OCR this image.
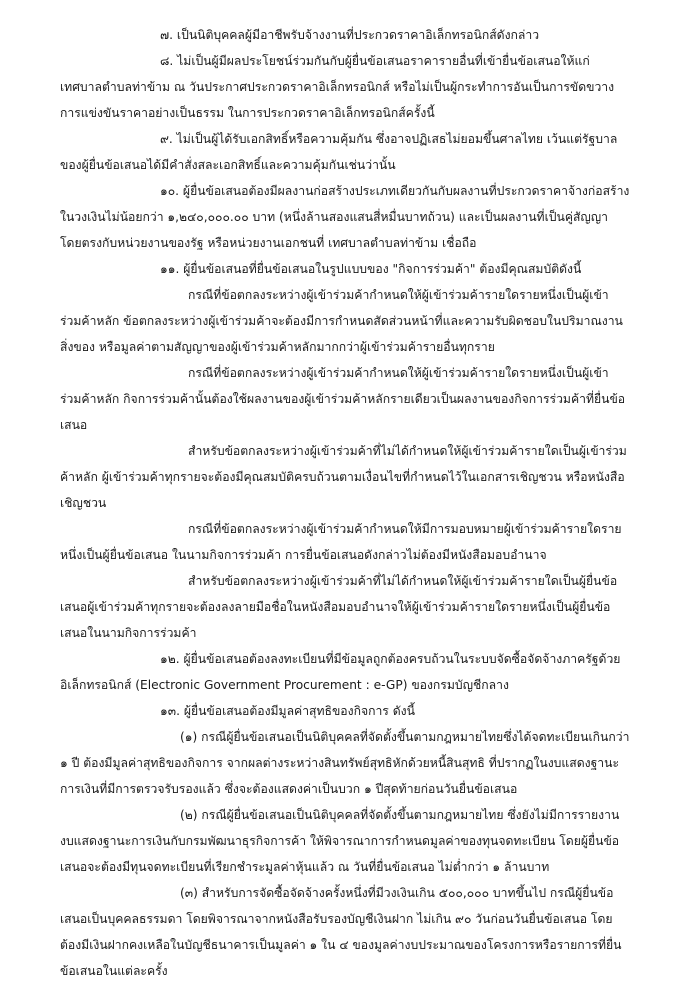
๗. เป็นนิติบุคคลผู้มีอาชีพรับจ้างงานที่ประกวดราคาอิเล็กทรอนิกส์ดังกล่าว

๘. ไม่เป็นผู้มีผลประโยชน์ร่วมกันกับผู้ยื่นข้อเสนอราคารายอื่นที่เข้ายื่นข้อเสนอให้แก่เทศบาลตำบลท่าข้าม ณ วันประกาศประกวดราคาอิเล็กทรอนิกส์ หรือไม่เป็นผู้กระทำการอันเป็นการขัดขวางการแข่งขันราคาอย่างเป็นธรรม ในการประกวดราคาอิเล็กทรอนิกส์ครั้งนี้

๙. ไม่เป็นผู้ได้รับเอกสิทธิ์หรือความคุ้มกัน ซึ่งอาจปฏิเสธไม่ยอมขึ้นศาลไทย เว้นแต่รัฐบาลของผู้ยื่นข้อเสนอได้มีคำสั่งสละเอกสิทธิ์และความคุ้มกันเช่นว่านั้น

๑๐. ผู้ยื่นข้อเสนอต้องมีผลงานก่อสร้างประเภทเดียวกันกับผลงานที่ประกวดราคาจ้างก่อสร้างในวงเงินไม่น้อยกว่า ๑,๒๔๐,๐๐๐.๐๐ บาท (หนึ่งล้านสองแสนสี่หมื่นบาทถ้วน) และเป็นผลงานที่เป็นคู่สัญญาโดยตรงกับหน่วยงานของรัฐ หรือหน่วยงานเอกชนที่ เทศบาลตำบลท่าข้าม เชื่อถือ

๑๑. ผู้ยื่นข้อเสนอที่ยื่นข้อเสนอในรูปแบบของ "กิจการร่วมค้า" ต้องมีคุณสมบัติดังนี้

กรณีที่ข้อตกลงระหว่างผู้เข้าร่วมค้ากำหนดให้ผู้เข้าร่วมค้ารายใดรายหนึ่งเป็นผู้เข้าร่วมค้าหลัก ข้อตกลงระหว่างผู้เข้าร่วมค้าจะต้องมีการกำหนดสัดส่วนหน้าที่และความรับผิดชอบในปริมาณงาน สิ่งของ หรือมูลค่าตามสัญญาของผู้เข้าร่วมค้าหลักมากกว่าผู้เข้าร่วมค้ารายอื่นทุกราย

กรณีที่ข้อตกลงระหว่างผู้เข้าร่วมค้ากำหนดให้ผู้เข้าร่วมค้ารายใดรายหนึ่งเป็นผู้เข้าร่วมค้าหลัก กิจการร่วมค้านั้นต้องใช้ผลงานของผู้เข้าร่วมค้าหลักรายเดียวเป็นผลงานของกิจการร่วมค้าที่ยื่นข้อเสนอ

สำหรับข้อตกลงระหว่างผู้เข้าร่วมค้าที่ไม่ได้กำหนดให้ผู้เข้าร่วมค้ารายใดเป็นผู้เข้าร่วมค้าหลัก ผู้เข้าร่วมค้าทุกรายจะต้องมีคุณสมบัติครบถ้วนตามเงื่อนไขที่กำหนดไว้ในเอกสารเชิญชวน หรือหนังสือเชิญชวน

กรณีที่ข้อตกลงระหว่างผู้เข้าร่วมค้ากำหนดให้มีการมอบหมายผู้เข้าร่วมค้ารายใดรายหนึ่งเป็นผู้ยื่นข้อเสนอ ในนามกิจการร่วมค้า การยื่นข้อเสนอดังกล่าวไม่ต้องมีหนังสือมอบอำนาจ

สำหรับข้อตกลงระหว่างผู้เข้าร่วมค้าที่ไม่ได้กำหนดให้ผู้เข้าร่วมค้ารายใดเป็นผู้ยื่นข้อเสนอผู้เข้าร่วมค้าทุกรายจะต้องลงลายมือชื่อในหนังสือมอบอำนาจให้ผู้เข้าร่วมค้ารายใดรายหนึ่งเป็นผู้ยื่นข้อเสนอในนามกิจการร่วมค้า

๑๒. ผู้ยื่นข้อเสนอต้องลงทะเบียนที่มีข้อมูลถูกต้องครบถ้วนในระบบจัดซื้อจัดจ้างภาครัฐด้วยอิเล็กทรอนิกส์ (Electronic Government Procurement : e-GP) ของกรมบัญชีกลาง

๑๓. ผู้ยื่นข้อเสนอต้องมีมูลค่าสุทธิของกิจการ ดังนี้

(๑) กรณีผู้ยื่นข้อเสนอเป็นนิติบุคคลที่จัดตั้งขึ้นตามกฎหมายไทยซึ่งได้จดทะเบียนเกินกว่า ๑ ปี ต้องมีมูลค่าสุทธิของกิจการ จากผลต่างระหว่างสินทรัพย์สุทธิหักด้วยหนี้สินสุทธิ ที่ปรากฏในงบแสดงฐานะการเงินที่มีการตรวจรับรองแล้ว ซึ่งจะต้องแสดงค่าเป็นบวก ๑ ปีสุดท้ายก่อนวันยื่นข้อเสนอ

(๒) กรณีผู้ยื่นข้อเสนอเป็นนิติบุคคลที่จัดตั้งขึ้นตามกฎหมายไทย ซึ่งยังไม่มีการรายงานงบแสดงฐานะการเงินกับกรมพัฒนาธุรกิจการค้า ให้พิจารณาการกำหนดมูลค่าของทุนจดทะเบียน โดยผู้ยื่นข้อเสนอจะต้องมีทุนจดทะเบียนที่เรียกชำระมูลค่าหุ้นแล้ว ณ วันที่ยื่นข้อเสนอ ไม่ต่ำกว่า ๑ ล้านบาท

(๓) สำหรับการจัดซื้อจัดจ้างครั้งหนึ่งที่มีวงเงินเกิน ๕๐๐,๐๐๐ บาทขึ้นไป กรณีผู้ยื่นข้อเสนอเป็นบุคคลธรรมดา โดยพิจารณาจากหนังสือรับรองบัญชีเงินฝาก ไม่เกิน ๙๐ วันก่อนวันยื่นข้อเสนอ โดยต้องมีเงินฝากคงเหลือในบัญชีธนาคารเป็นมูลค่า ๑ ใน ๔ ของมูลค่างบประมาณของโครงการหรือรายการที่ยื่นข้อเสนอในแต่ละครั้ง
